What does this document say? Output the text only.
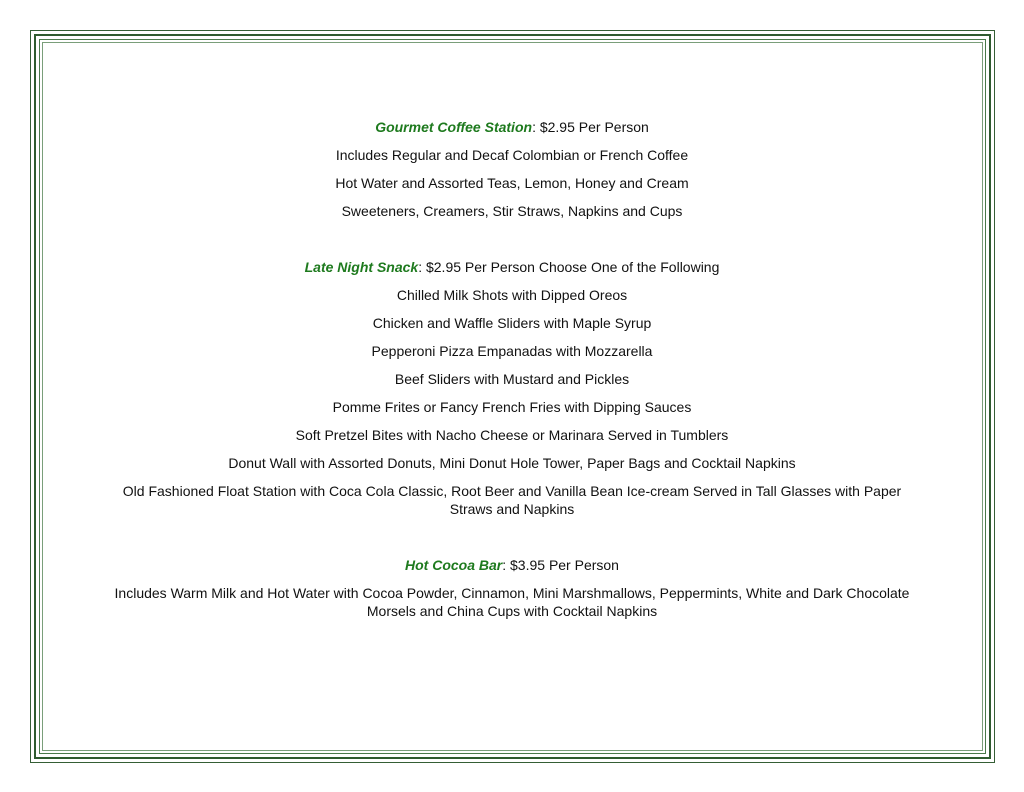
Gourmet Coffee Station: $2.95 Per Person
Includes Regular and Decaf Colombian or French Coffee
Hot Water and Assorted Teas, Lemon, Honey and Cream
Sweeteners, Creamers, Stir Straws, Napkins and Cups
Late Night Snack: $2.95 Per Person Choose One of the Following
Chilled Milk Shots with Dipped Oreos
Chicken and Waffle Sliders with Maple Syrup
Pepperoni Pizza Empanadas with Mozzarella
Beef Sliders with Mustard and Pickles
Pomme Frites or Fancy French Fries with Dipping Sauces
Soft Pretzel Bites with Nacho Cheese or Marinara Served in Tumblers
Donut Wall with Assorted Donuts, Mini Donut Hole Tower, Paper Bags and Cocktail Napkins
Old Fashioned Float Station with Coca Cola Classic, Root Beer and Vanilla Bean Ice-cream Served in Tall Glasses with Paper Straws and Napkins
Hot Cocoa Bar: $3.95 Per Person
Includes Warm Milk and Hot Water with Cocoa Powder, Cinnamon, Mini Marshmallows, Peppermints, White and Dark Chocolate Morsels and China Cups with Cocktail Napkins
